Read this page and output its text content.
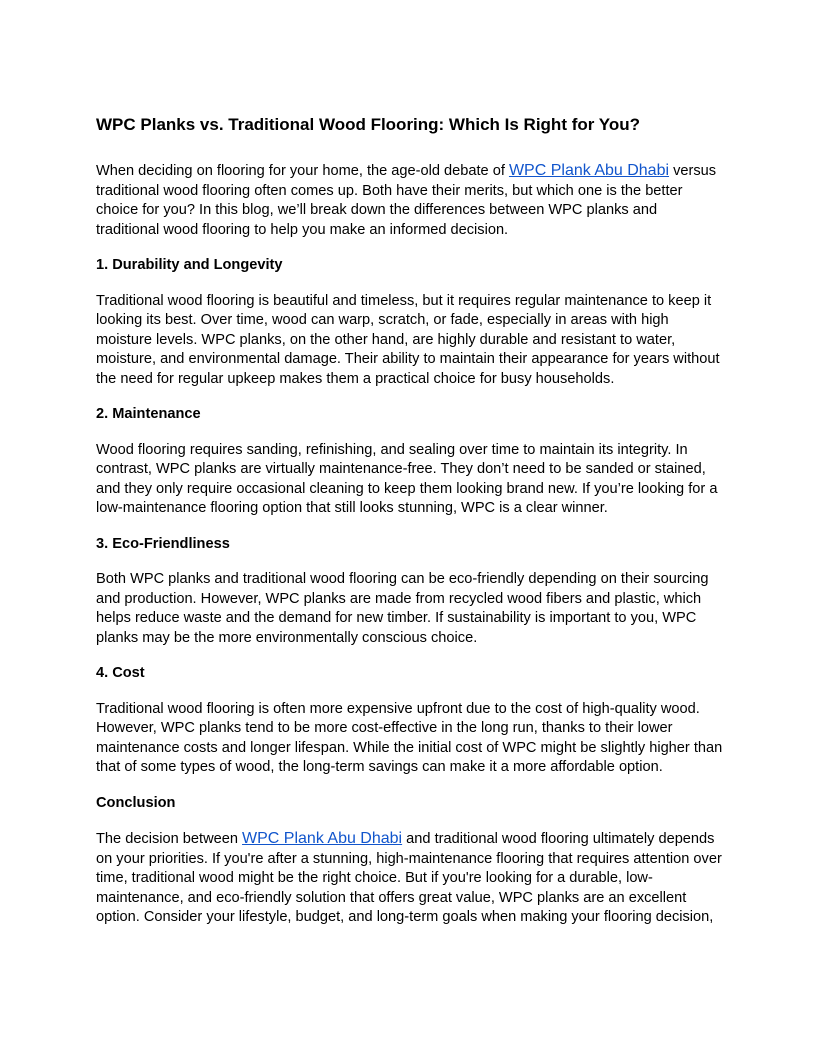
WPC Planks vs. Traditional Wood Flooring: Which Is Right for You?

When deciding on flooring for your home, the age-old debate of WPC Plank Abu Dhabi versus traditional wood flooring often comes up. Both have their merits, but which one is the better choice for you? In this blog, we’ll break down the differences between WPC planks and traditional wood flooring to help you make an informed decision.

1. Durability and Longevity

Traditional wood flooring is beautiful and timeless, but it requires regular maintenance to keep it looking its best. Over time, wood can warp, scratch, or fade, especially in areas with high moisture levels. WPC planks, on the other hand, are highly durable and resistant to water, moisture, and environmental damage. Their ability to maintain their appearance for years without the need for regular upkeep makes them a practical choice for busy households.

2. Maintenance

Wood flooring requires sanding, refinishing, and sealing over time to maintain its integrity. In contrast, WPC planks are virtually maintenance-free. They don’t need to be sanded or stained, and they only require occasional cleaning to keep them looking brand new. If you’re looking for a low-maintenance flooring option that still looks stunning, WPC is a clear winner.

3. Eco-Friendliness

Both WPC planks and traditional wood flooring can be eco-friendly depending on their sourcing and production. However, WPC planks are made from recycled wood fibers and plastic, which helps reduce waste and the demand for new timber. If sustainability is important to you, WPC planks may be the more environmentally conscious choice.

4. Cost

Traditional wood flooring is often more expensive upfront due to the cost of high-quality wood. However, WPC planks tend to be more cost-effective in the long run, thanks to their lower maintenance costs and longer lifespan. While the initial cost of WPC might be slightly higher than that of some types of wood, the long-term savings can make it a more affordable option.

Conclusion

The decision between WPC Plank Abu Dhabi and traditional wood flooring ultimately depends on your priorities. If you're after a stunning, high-maintenance flooring that requires attention over time, traditional wood might be the right choice. But if you're looking for a durable, low-maintenance, and eco-friendly solution that offers great value, WPC planks are an excellent option. Consider your lifestyle, budget, and long-term goals when making your flooring decision,
